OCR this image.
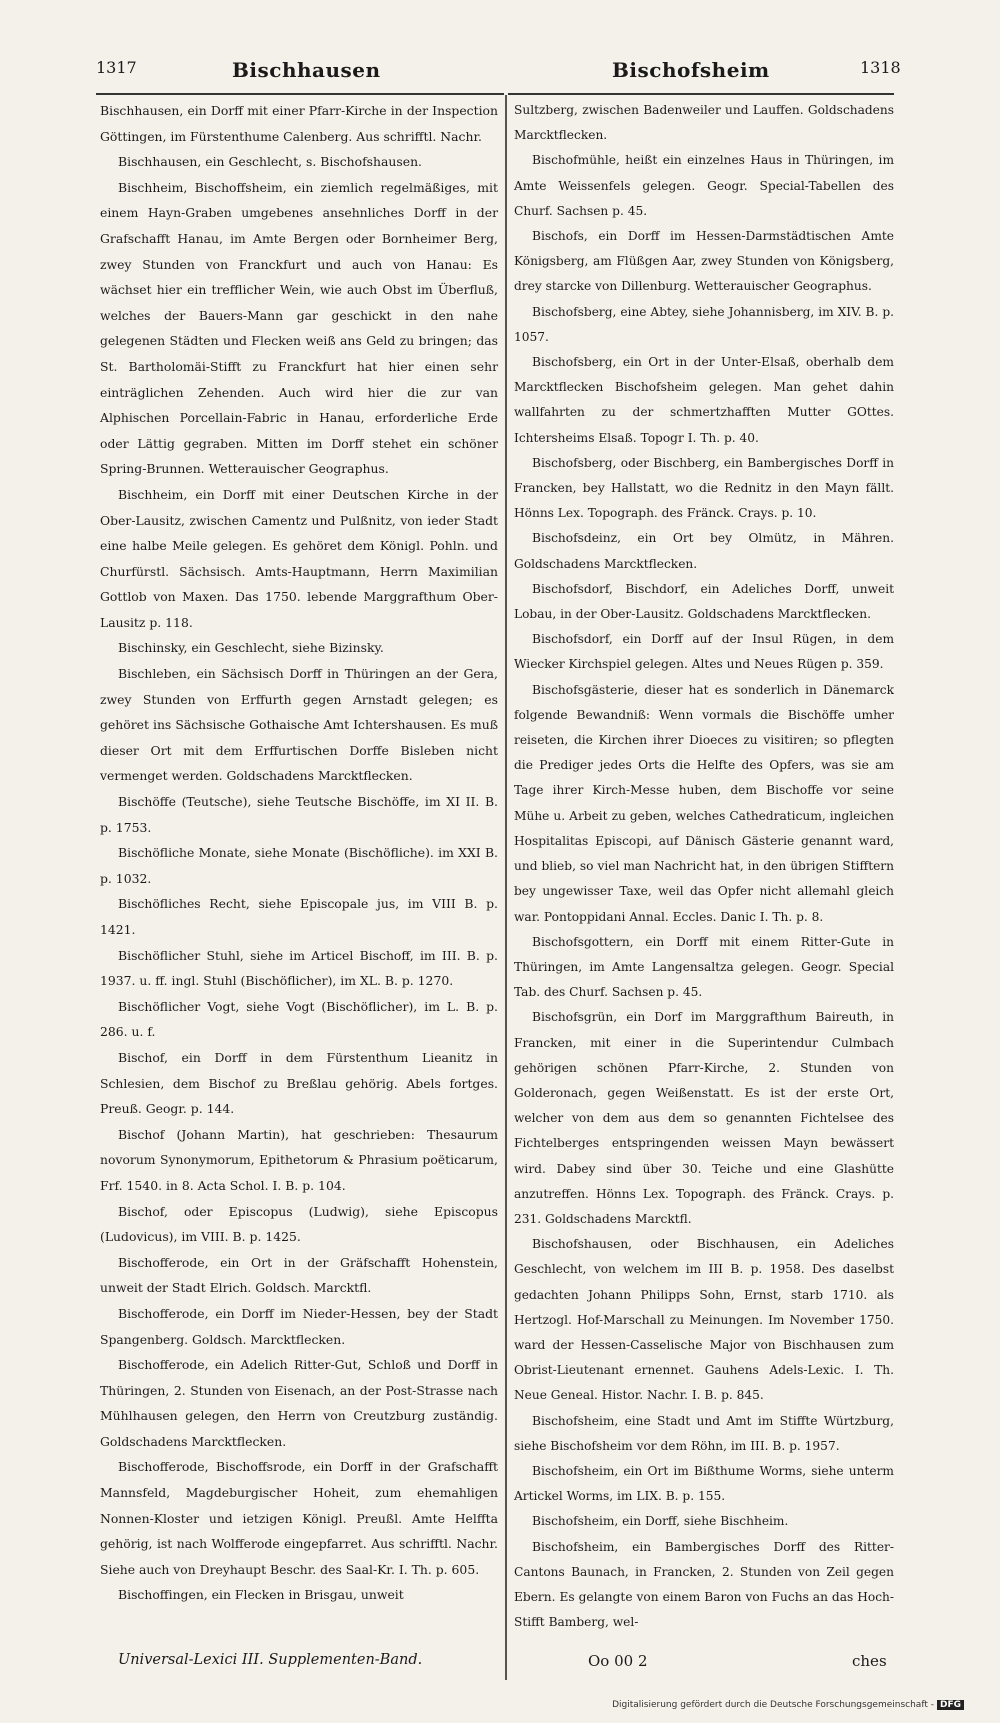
1317	Bischhausen	Bischofsheim	1318

Bischhausen, ein Dorff mit einer Pfarr-Kirche in der Inspection Göttingen, im Fürstenthume Calenberg. Aus schrifftl. Nachr.

Bischhausen, ein Geschlecht, s. Bischofshausen.

Bischheim, Bischoffsheim, ein ziemlich regelmäßiges, mit einem Hayn-Graben umgebenes ansehnliches Dorff in der Grafschafft Hanau, im Amte Bergen oder Bornheimer Berg, zwey Stunden von Franckfurt und auch von Hanau: Es wächset hier ein trefflicher Wein, wie auch Obst im Überfluß, welches der Bauers-Mann gar geschickt in den nahe gelegenen Städten und Flecken weiß ans Geld zu bringen; das St. Bartholomäi-Stifft zu Franckfurt hat hier einen sehr einträglichen Zehenden. Auch wird hier die zur van Alphischen Porcellain-Fabric in Hanau, erforderliche Erde oder Lättig gegraben. Mitten im Dorff stehet ein schöner Spring-Brunnen. Wetterauischer Geographus.

Bischheim, ein Dorff mit einer Deutschen Kirche in der Ober-Lausitz, zwischen Camentz und Pulßnitz, von ieder Stadt eine halbe Meile gelegen. Es gehöret dem Königl. Pohln. und Churfürstl. Sächsisch. Amts-Hauptmann, Herrn Maximilian Gottlob von Maxen. Das 1750. lebende Marggrafthum Ober-Lausitz p. 118.

Bischinsky, ein Geschlecht, siehe Bizinsky.

Bischleben, ein Sächsisch Dorff in Thüringen an der Gera, zwey Stunden von Erffurth gegen Arnstadt gelegen; es gehöret ins Sächsische Gothaische Amt Ichtershausen. Es muß dieser Ort mit dem Erffurtischen Dorffe Bisleben nicht vermenget werden. Goldschadens Marcktflecken.

Bischöffe (Teutsche), siehe Teutsche Bischöffe, im XI II. B. p. 1753.

Bischöfliche Monate, siehe Monate (Bischöfliche). im XXI B. p. 1032.

Bischöfliches Recht, siehe Episcopale jus, im VIII B. p. 1421.

Bischöflicher Stuhl, siehe im Articel Bischoff, im III. B. p. 1937. u. ff. ingl. Stuhl (Bischöflicher), im XL. B. p. 1270.

Bischöflicher Vogt, siehe Vogt (Bischöflicher), im L. B. p. 286. u. f.

Bischof, ein Dorff in dem Fürstenthum Lieanitz in Schlesien, dem Bischof zu Breßlau gehörig. Abels fortges. Preuß. Geogr. p. 144.

Bischof (Johann Martin), hat geschrieben: Thesaurum novorum Synonymorum, Epithetorum & Phrasium poëticarum, Frf. 1540. in 8. Acta Schol. I. B. p. 104.

Bischof, oder Episcopus (Ludwig), siehe Episcopus (Ludovicus), im VIII. B. p. 1425.

Bischofferode, ein Ort in der Gräfschafft Hohenstein, unweit der Stadt Elrich. Goldsch. Marcktfl.

Bischofferode, ein Dorff im Nieder-Hessen, bey der Stadt Spangenberg. Goldsch. Marcktflecken.

Bischofferode, ein Adelich Ritter-Gut, Schloß und Dorff in Thüringen, 2. Stunden von Eisenach, an der Post-Strasse nach Mühlhausen gelegen, den Herrn von Creutzburg zuständig. Goldschadens Marcktflecken.

Bischofferode, Bischoffsrode, ein Dorff in der Grafschafft Mannsfeld, Magdeburgischer Hoheit, zum ehemahligen Nonnen-Kloster und ietzigen Königl. Preußl. Amte Helffta gehörig, ist nach Wolfferode eingepfarret. Aus schrifftl. Nachr. Siehe auch von Dreyhaupt Beschr. des Saal-Kr. I. Th. p. 605.

Bischoffingen, ein Flecken in Brisgau, unweit

Sultzberg, zwischen Badenweiler und Lauffen. Goldschadens Marcktflecken.

Bischofmühle, heißt ein einzelnes Haus in Thüringen, im Amte Weissenfels gelegen. Geogr. Special-Tabellen des Churf. Sachsen p. 45.

Bischofs, ein Dorff im Hessen-Darmstädtischen Amte Königsberg, am Flüßgen Aar, zwey Stunden von Königsberg, drey starcke von Dillenburg. Wetterauischer Geographus.

Bischofsberg, eine Abtey, siehe Johannisberg, im XIV. B. p. 1057.

Bischofsberg, ein Ort in der Unter-Elsaß, oberhalb dem Marcktflecken Bischofsheim gelegen. Man gehet dahin wallfahrten zu der schmertzhafften Mutter GOttes. Ichtersheims Elsaß. Topogr I. Th. p. 40.

Bischofsberg, oder Bischberg, ein Bambergisches Dorff in Francken, bey Hallstatt, wo die Rednitz in den Mayn fällt. Hönns Lex. Topograph. des Fränck. Crays. p. 10.

Bischofsdeinz, ein Ort bey Olmütz, in Mähren. Goldschadens Marcktflecken.

Bischofsdorf, Bischdorf, ein Adeliches Dorff, unweit Lobau, in der Ober-Lausitz. Goldschadens Marcktflecken.

Bischofsdorf, ein Dorff auf der Insul Rügen, in dem Wiecker Kirchspiel gelegen. Altes und Neues Rügen p. 359.

Bischofsgästerie, dieser hat es sonderlich in Dänemarck folgende Bewandniß: Wenn vormals die Bischöffe umher reiseten, die Kirchen ihrer Dioeces zu visitiren; so pflegten die Prediger jedes Orts die Helfte des Opfers, was sie am Tage ihrer Kirch-Messe huben, dem Bischoffe vor seine Mühe u. Arbeit zu geben, welches Cathedraticum, ingleichen Hospitalitas Episcopi, auf Dänisch Gästerie genannt ward, und blieb, so viel man Nachricht hat, in den übrigen Stifftern bey ungewisser Taxe, weil das Opfer nicht allemahl gleich war. Pontoppidani Annal. Eccles. Danic I. Th. p. 8.

Bischofsgottern, ein Dorff mit einem Ritter-Gute in Thüringen, im Amte Langensaltza gelegen. Geogr. Special Tab. des Churf. Sachsen p. 45.

Bischofsgrün, ein Dorf im Marggrafthum Baireuth, in Francken, mit einer in die Superintendur Culmbach gehörigen schönen Pfarr-Kirche, 2. Stunden von Golderonach, gegen Weißenstatt. Es ist der erste Ort, welcher von dem aus dem so genannten Fichtelsee des Fichtelberges entspringenden weissen Mayn bewässert wird. Dabey sind über 30. Teiche und eine Glashütte anzutreffen. Hönns Lex. Topograph. des Fränck. Crays. p. 231. Goldschadens Marcktfl.

Bischofshausen, oder Bischhausen, ein Adeliches Geschlecht, von welchem im III B. p. 1958. Des daselbst gedachten Johann Philipps Sohn, Ernst, starb 1710. als Hertzogl. Hof-Marschall zu Meinungen. Im November 1750. ward der Hessen-Casselische Major von Bischhausen zum Obrist-Lieutenant ernennet. Gauhens Adels-Lexic. I. Th. Neue Geneal. Histor. Nachr. I. B. p. 845.

Bischofsheim, eine Stadt und Amt im Stiffte Würtzburg, siehe Bischofsheim vor dem Röhn, im III. B. p. 1957.

Bischofsheim, ein Ort im Bißthume Worms, siehe unterm Artickel Worms, im LIX. B. p. 155.

Bischofsheim, ein Dorff, siehe Bischheim.

Bischofsheim, ein Bambergisches Dorff des Ritter-Cantons Baunach, in Francken, 2. Stunden von Zeil gegen Ebern. Es gelangte von einem Baron von Fuchs an das Hoch-Stifft Bamberg, wel-

Universal-Lexici III. Supplementen-Band.	Oo 00 2	ches
Digitalisierung gefördert durch die Deutsche Forschungsgemeinschaft - DFG
